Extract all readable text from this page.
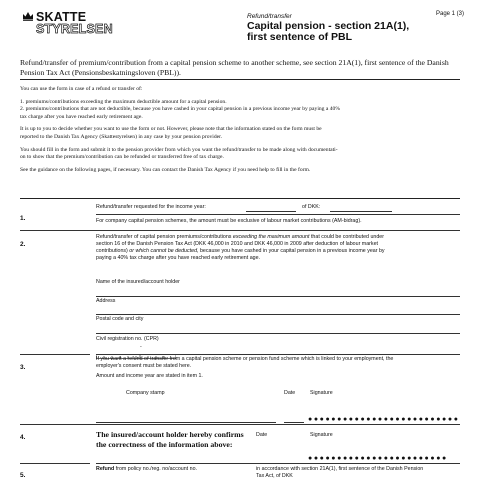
SKATTE
STYRELSEN
Refund/transfer	Page 1 (3)
Capital pension - section 21A(1),
first sentence of PBL
Refund/transfer of premium/contribution from a capital pension scheme to another scheme, see section 21A(1), first sentence of the Danish Pension Tax Act (Pensionsbeskatningsloven (PBL)).
You can use the form in case of a refund or transfer of:
1. premiums/contributions exceeding the maximum deductible amount for a capital pension.
2. premiums/contributions that are not deductible, because you have cashed in your capital pension in a previous income year by paying a 40%
tax charge after you have reached early retirement age.
It is up to you to decide whether you want to use the form or not. However, please note that the information stated on the form must be
reported to the Danish Tax Agency (Skattestyrelsen) in any case by your pension provider.
You should fill in the form and submit it to the pension provider from which you want the refund/transfer to be made along with documentati-
on to show that the premium/contribution can be refunded or transferred free of tax charge.
See the guidance on the following pages, if necessary. You can contact the Danish Tax Agency if you need help to fill in the form.
1.
Refund/transfer requested for the income year:	of DKK:
For company capital pension schemes, the amount must be exclusive of labour market contributions (AM-bidrag).
2.
Refund/transfer of capital pension premiums/contributions exceeding the maximum amount that could be contributed under
section 16 of the Danish Pension Tax Act (DKK 46,000 in 2010 and DKK 46,000 in 2009 after deduction of labour market
contributions) or which cannot be deducted, because you have cashed in your capital pension in a previous income year by
paying a 40% tax charge after you have reached early retirement age.
Name of the insured/account holder
Address
Postal code and city
Civil registration no. (CPR)
-
3.
If you want a refund or transfer from a capital pension scheme or pension fund scheme which is linked to your employment, the
employer's consent must be stated here.
Amount and income year are stated in item 1.
Company stamp	Date	Signature
●●●●●●●●●●●●●●●●●●●●●●●●●●
4.	The insured/account holder hereby confirms
the correctness of the information above:
Date	Signature
●●●●●●●●●●●●●●●●●●●●●●●●
5.
Refund from policy no./reg. no/account no.	in accordance with section 21A(1), first sentence of the Danish Pension
Tax Act, of DKK
